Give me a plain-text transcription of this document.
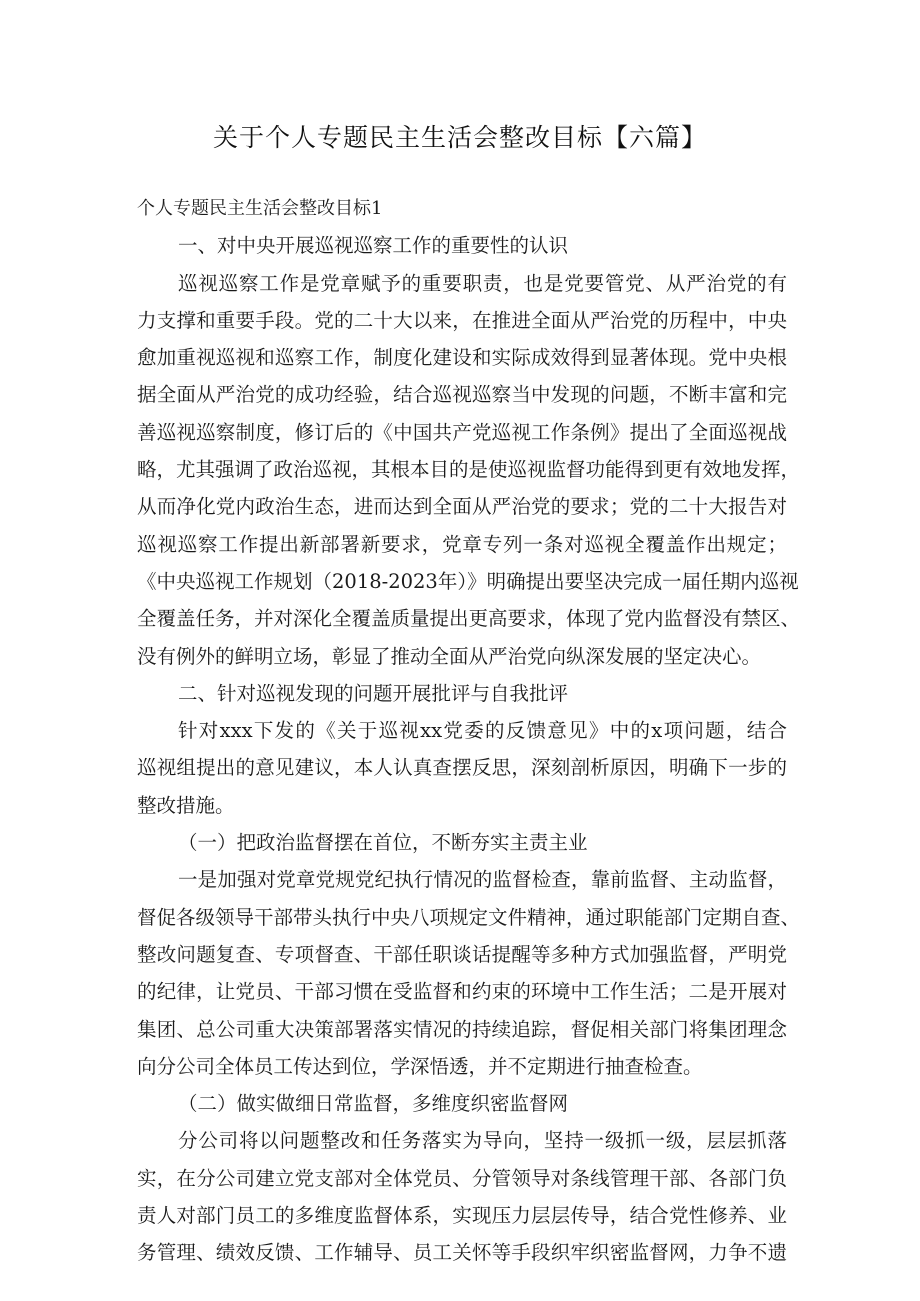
关于个人专题民主生活会整改目标【六篇】
个人专题民主生活会整改目标1
一、对中央开展巡视巡察工作的重要性的认识
巡视巡察工作是党章赋予的重要职责，也是党要管党、从严治党的有
力支撑和重要手段。党的二十大以来，在推进全面从严治党的历程中，中央
愈加重视巡视和巡察工作，制度化建设和实际成效得到显著体现。党中央根
据全面从严治党的成功经验，结合巡视巡察当中发现的问题，不断丰富和完
善巡视巡察制度，修订后的《中国共产党巡视工作条例》提出了全面巡视战
略，尤其强调了政治巡视，其根本目的是使巡视监督功能得到更有效地发挥，
从而净化党内政治生态，进而达到全面从严治党的要求；党的二十大报告对
巡视巡察工作提出新部署新要求，党章专列一条对巡视全覆盖作出规定；
《中央巡视工作规划（2018-2023年）》明确提出要坚决完成一届任期内巡视
全覆盖任务，并对深化全覆盖质量提出更高要求，体现了党内监督没有禁区、
没有例外的鲜明立场，彰显了推动全面从严治党向纵深发展的坚定决心。
二、针对巡视发现的问题开展批评与自我批评
针对xxx下发的《关于巡视xx党委的反馈意见》中的x项问题，结合
巡视组提出的意见建议，本人认真查摆反思，深刻剖析原因，明确下一步的
整改措施。
（一）把政治监督摆在首位，不断夯实主责主业
一是加强对党章党规党纪执行情况的监督检查，靠前监督、主动监督，
督促各级领导干部带头执行中央八项规定文件精神，通过职能部门定期自查、
整改问题复查、专项督查、干部任职谈话提醒等多种方式加强监督，严明党
的纪律，让党员、干部习惯在受监督和约束的环境中工作生活；二是开展对
集团、总公司重大决策部署落实情况的持续追踪，督促相关部门将集团理念
向分公司全体员工传达到位，学深悟透，并不定期进行抽查检查。
（二）做实做细日常监督，多维度织密监督网
分公司将以问题整改和任务落实为导向，坚持一级抓一级，层层抓落
实，在分公司建立党支部对全体党员、分管领导对条线管理干部、各部门负
责人对部门员工的多维度监督体系，实现压力层层传导，结合党性修养、业
务管理、绩效反馈、工作辅导、员工关怀等手段织牢织密监督网，力争不遗
